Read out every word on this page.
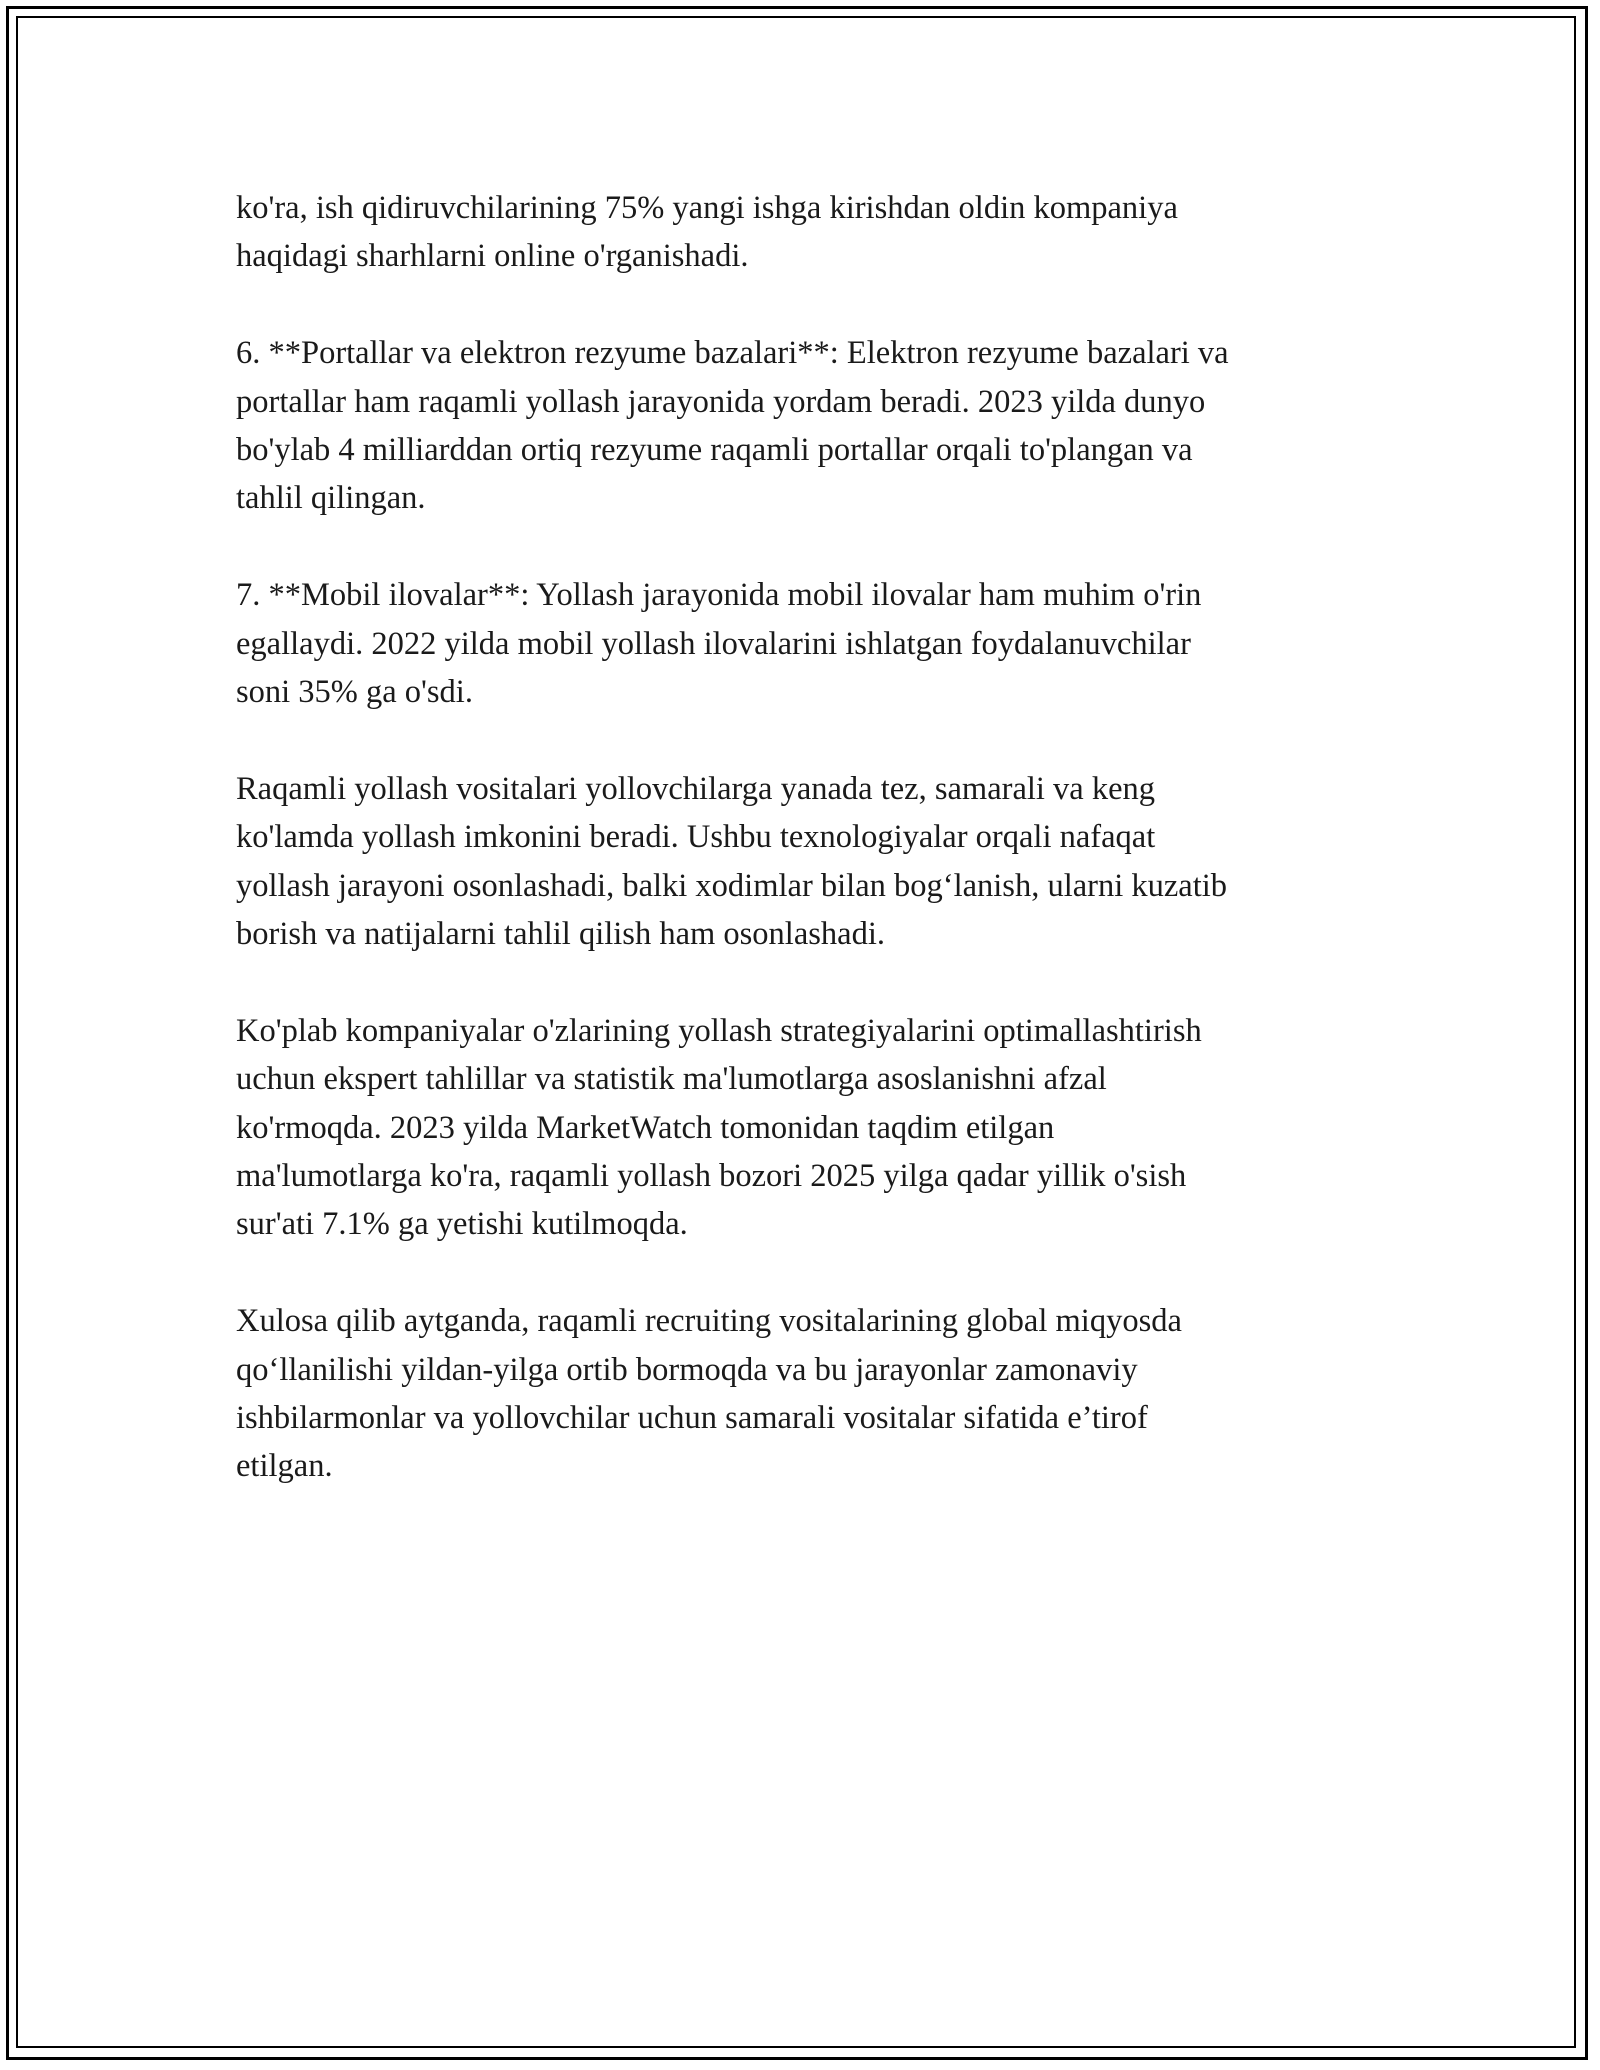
ko'ra, ish qidiruvchilarining 75% yangi ishga kirishdan oldin kompaniya
haqidagi sharhlarni online o'rganishadi.

6. **Portallar va elektron rezyume bazalari**: Elektron rezyume bazalari va
portallar ham raqamli yollash jarayonida yordam beradi. 2023 yilda dunyo
bo'ylab 4 milliarddan ortiq rezyume raqamli portallar orqali to'plangan va
tahlil qilingan.

7. **Mobil ilovalar**: Yollash jarayonida mobil ilovalar ham muhim o'rin
egallaydi. 2022 yilda mobil yollash ilovalarini ishlatgan foydalanuvchilar
soni 35% ga o'sdi.

Raqamli yollash vositalari yollovchilarga yanada tez, samarali va keng
ko'lamda yollash imkonini beradi. Ushbu texnologiyalar orqali nafaqat
yollash jarayoni osonlashadi, balki xodimlar bilan bog‘lanish, ularni kuzatib
borish va natijalarni tahlil qilish ham osonlashadi.

Ko'plab kompaniyalar o'zlarining yollash strategiyalarini optimallashtirish
uchun ekspert tahlillar va statistik ma'lumotlarga asoslanishni afzal
ko'rmoqda. 2023 yilda MarketWatch tomonidan taqdim etilgan
ma'lumotlarga ko'ra, raqamli yollash bozori 2025 yilga qadar yillik o'sish
sur'ati 7.1% ga yetishi kutilmoqda.

Xulosa qilib aytganda, raqamli recruiting vositalarining global miqyosda
qo‘llanilishi yildan-yilga ortib bormoqda va bu jarayonlar zamonaviy
ishbilarmonlar va yollovchilar uchun samarali vositalar sifatida e’tirof
etilgan.
